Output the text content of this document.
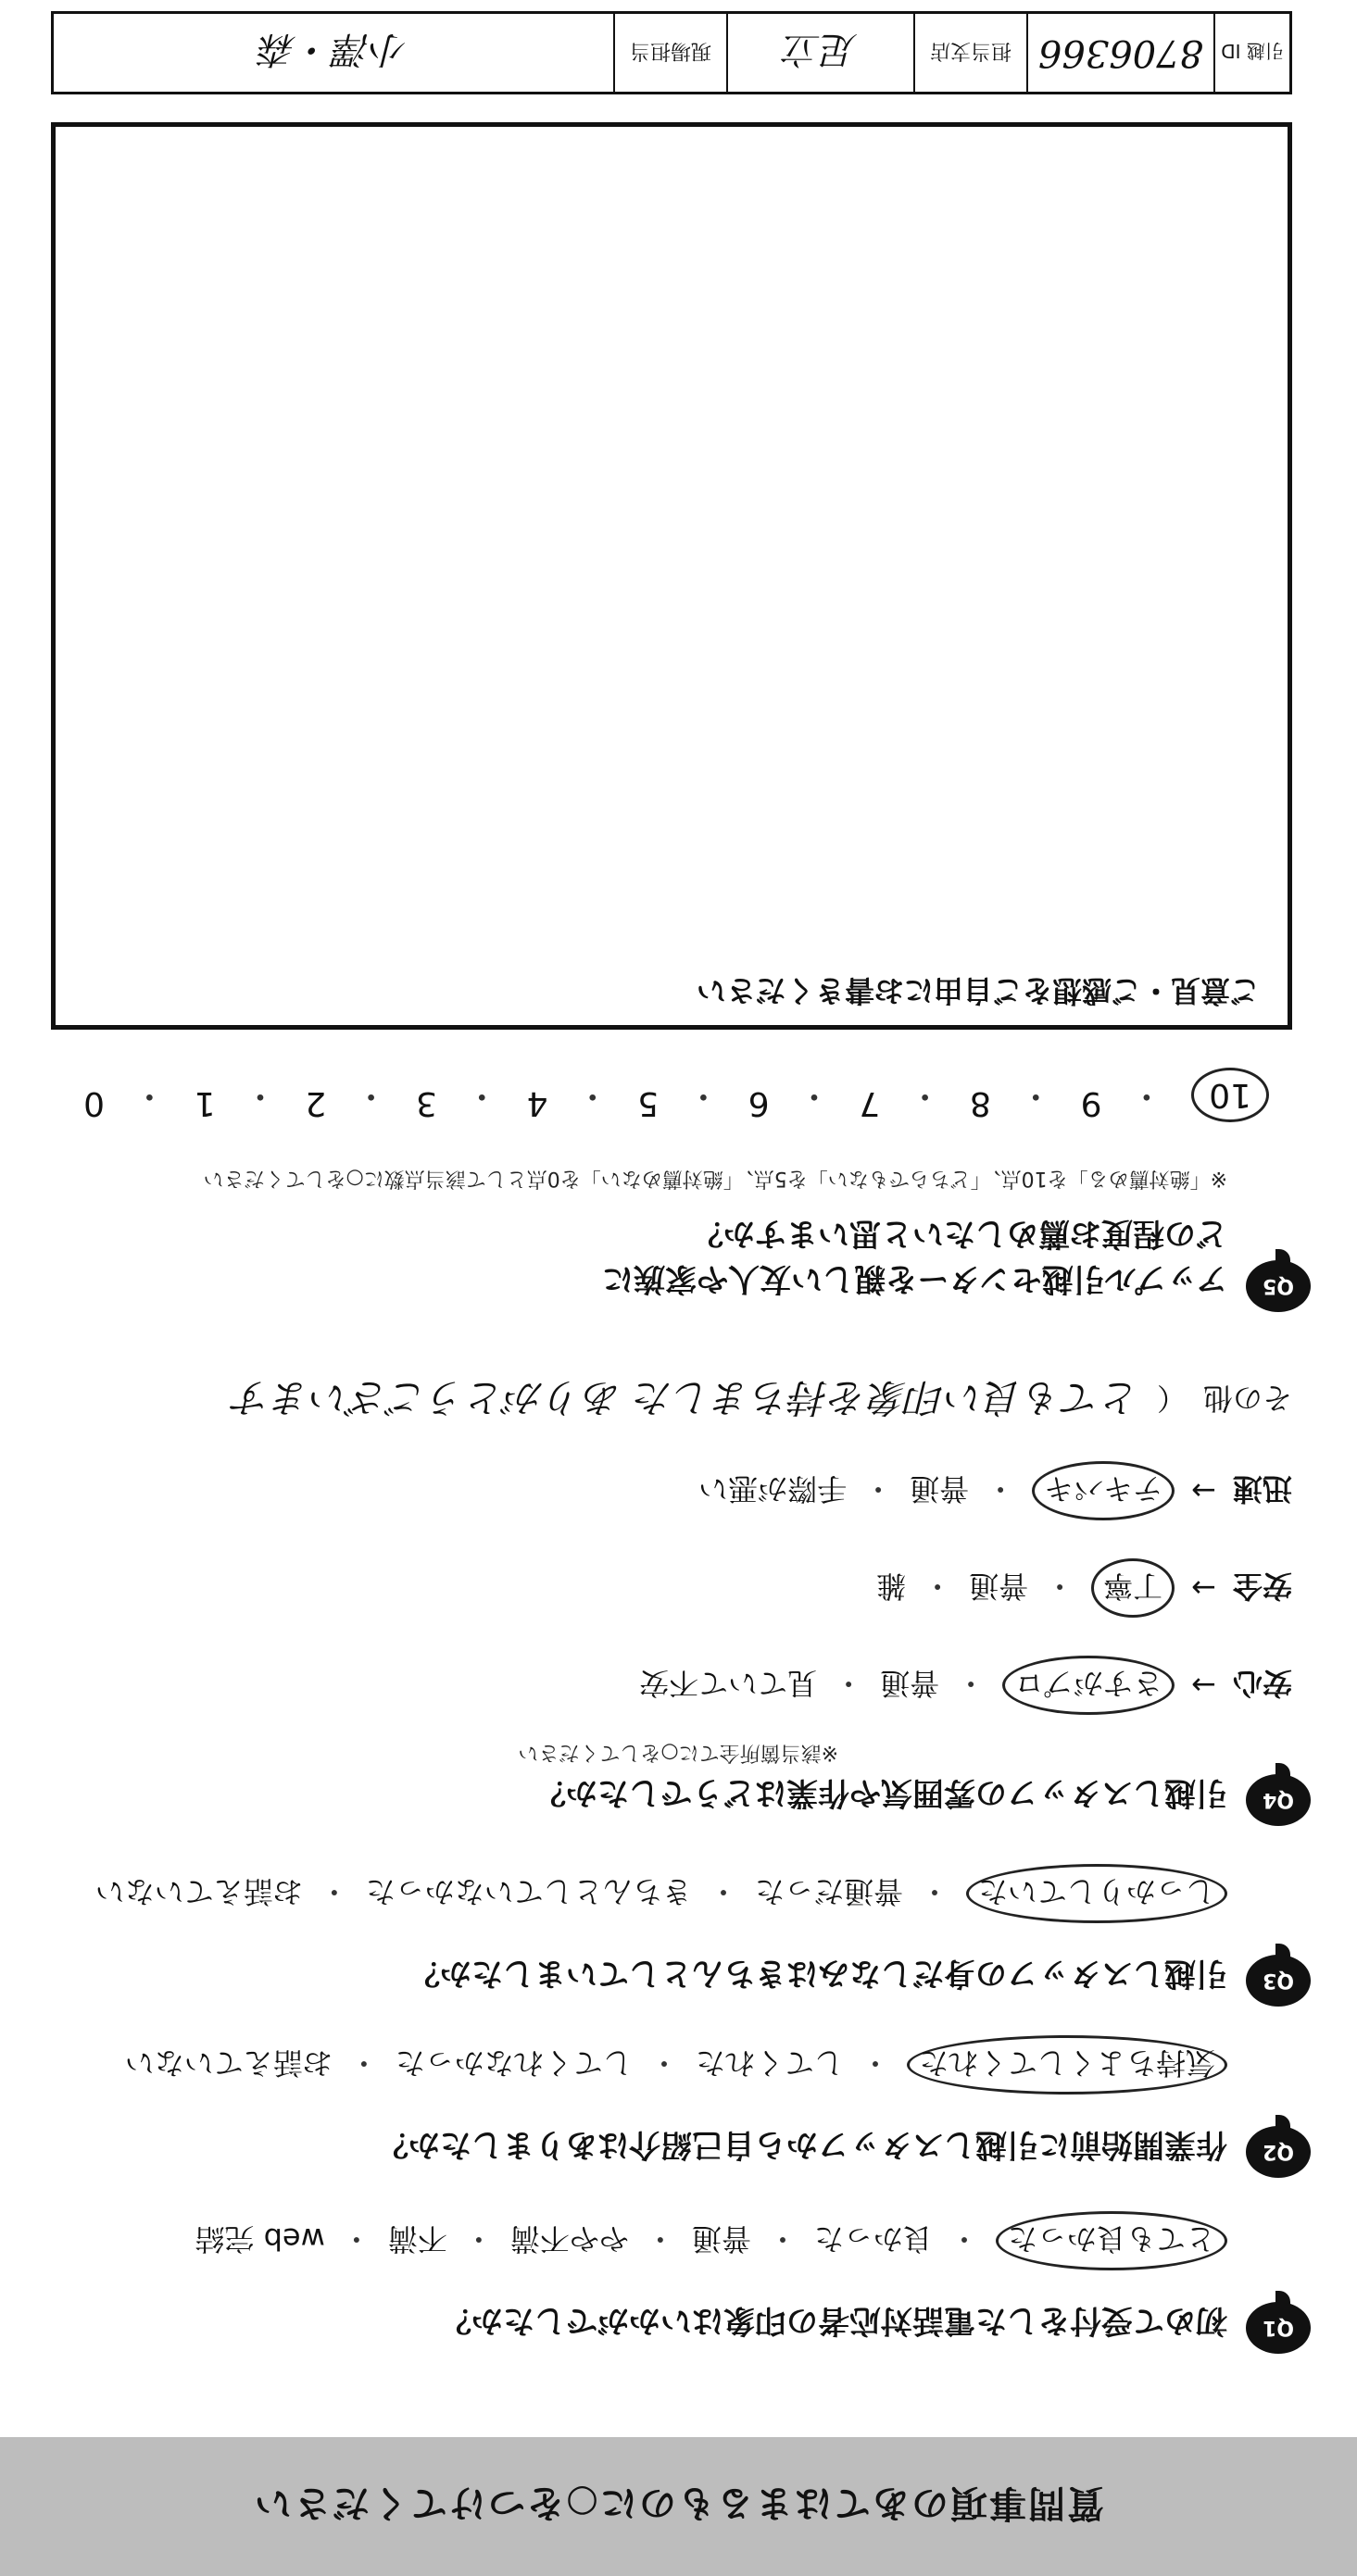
質問事項のあてはまるものに○をつけてください
Q1
初めて受付をした電話対応者の印象はいかがでしたか？
とても良かった
・
良かった
・
普通
・
やや不満
・
不満
・
web 完結
Q2
作業開始前に引越しスタッフから自己紹介はありましたか？
気持ちよくしてくれた
・
してくれた
・
してくれなかった
・
お話えていない
Q3
引越しスタッフの身だしなみはきちんとしていましたか？
しっかりしていた
・
普通だった
・
きちんとしていなかった
・
お話えていない
Q4
引越しスタッフの雰囲気や作業はどうでしたか？
※該当箇所全てに○をしてください
安心
→
さすがプロ
・
普通
・
見ていて不安
安全
→
丁寧
・
普通
・
雑
迅速
→
テキパキ
・
普通
・
手際が悪い
その他
（
とても良い印象を持ちました ありがとうございます
Q5
アップル引越センターを親しい友人や家族に
どの程度お薦めしたいと思いますか？
※「絶対薦める」を10点、「どちらでもない」を5点、「絶対薦めない」を0点として該当点数に○をしてください
10
・
9
・
8
・
7
・
6
・
5
・
4
・
3
・
2
・
1
・
0
ご意見・ご感想をご自由にお書きください
引越 ID
8706366
担当支店
足立
現場担当
小澤・森
